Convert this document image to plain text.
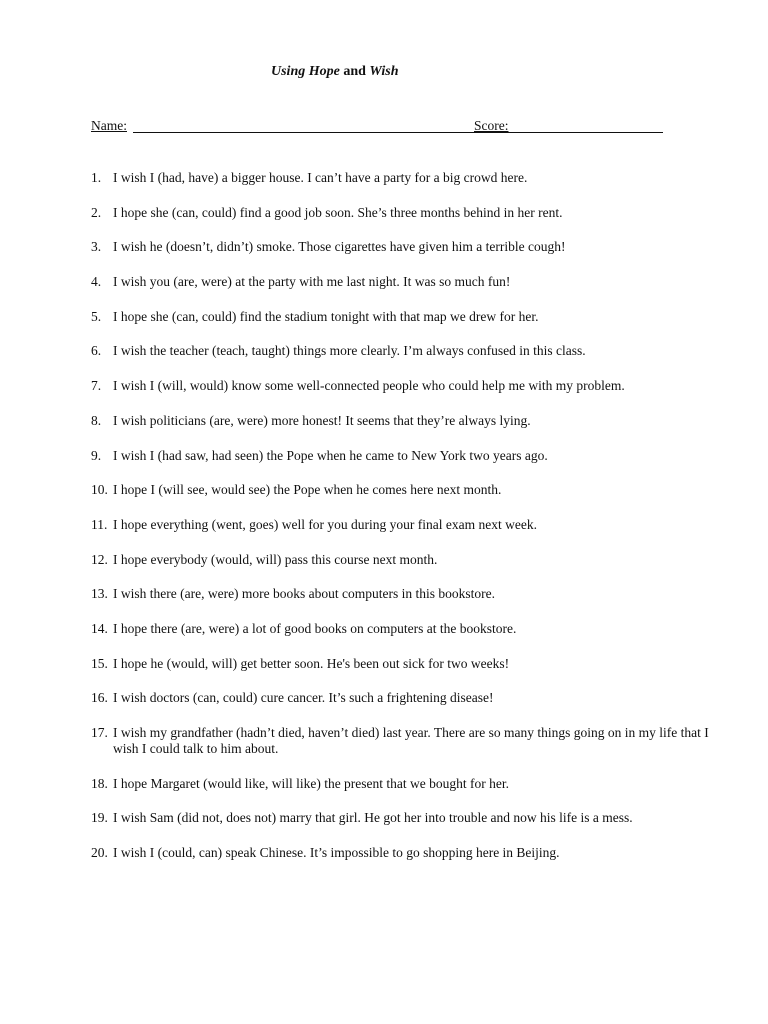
Using Hope and Wish
Name:	Score:
1. I wish I (had, have) a bigger house. I can’t have a party for a big crowd here.
2. I hope she (can, could) find a good job soon. She’s three months behind in her rent.
3. I wish he (doesn’t, didn’t) smoke. Those cigarettes have given him a terrible cough!
4. I wish you (are, were) at the party with me last night. It was so much fun!
5. I hope she (can, could) find the stadium tonight with that map we drew for her.
6. I wish the teacher (teach, taught) things more clearly. I’m always confused in this class.
7. I wish I (will, would) know some well-connected people who could help me with my problem.
8. I wish politicians (are, were) more honest! It seems that they’re always lying.
9. I wish I (had saw, had seen) the Pope when he came to New York two years ago.
10. I hope I (will see, would see) the Pope when he comes here next month.
11. I hope everything (went, goes) well for you during your final exam next week.
12. I hope everybody (would, will) pass this course next month.
13. I wish there (are, were) more books about computers in this bookstore.
14. I hope there (are, were) a lot of good books on computers at the bookstore.
15. I hope he (would, will) get better soon. He's been out sick for two weeks!
16. I wish doctors (can, could) cure cancer. It’s such a frightening disease!
17. I wish my grandfather (hadn’t died, haven’t died) last year. There are so many things going on in my life that I wish I could talk to him about.
18. I hope Margaret (would like, will like) the present that we bought for her.
19. I wish Sam (did not, does not) marry that girl. He got her into trouble and now his life is a mess.
20. I wish I (could, can) speak Chinese. It’s impossible to go shopping here in Beijing.
